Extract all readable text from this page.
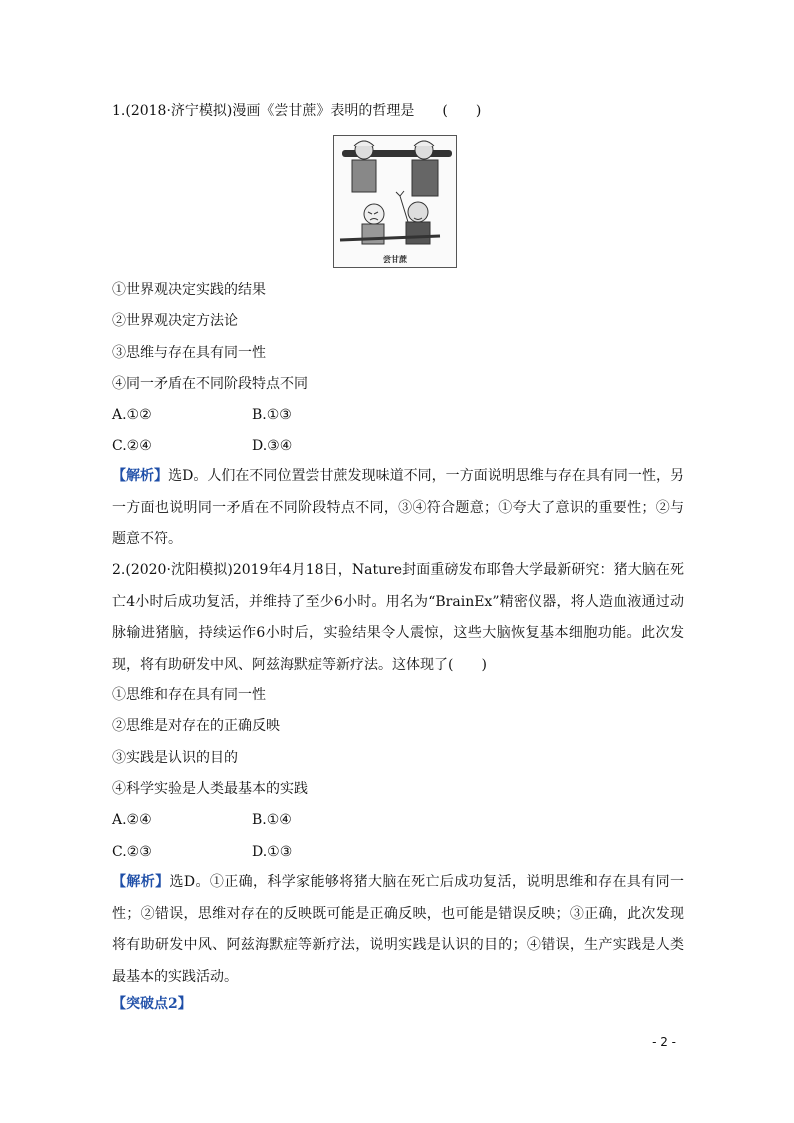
1.(2018·济宁模拟)漫画《尝甘蔗》表明的哲理是　　(　　)
尝甘蔗
①世界观决定实践的结果
②世界观决定方法论
③思维与存在具有同一性
④同一矛盾在不同阶段特点不同
A.①②	B.①③
C.②④	D.③④
【解析】选D。人们在不同位置尝甘蔗发现味道不同，一方面说明思维与存在具有同一性，另一方面也说明同一矛盾在不同阶段特点不同，③④符合题意；①夸大了意识的重要性；②与题意不符。
2.(2020·沈阳模拟)2019年4月18日，Nature封面重磅发布耶鲁大学最新研究：猪大脑在死亡4小时后成功复活，并维持了至少6小时。用名为“BrainEx”精密仪器，将人造血液通过动脉输进猪脑，持续运作6小时后，实验结果令人震惊，这些大脑恢复基本细胞功能。此次发现，将有助研发中风、阿兹海默症等新疗法。这体现了(　　)
①思维和存在具有同一性
②思维是对存在的正确反映
③实践是认识的目的
④科学实验是人类最基本的实践
A.②④	B.①④
C.②③	D.①③
【解析】选D。①正确，科学家能够将猪大脑在死亡后成功复活，说明思维和存在具有同一性；②错误，思维对存在的反映既可能是正确反映，也可能是错误反映；③正确，此次发现将有助研发中风、阿兹海默症等新疗法，说明实践是认识的目的；④错误，生产实践是人类最基本的实践活动。
【突破点2】
- 2 -
